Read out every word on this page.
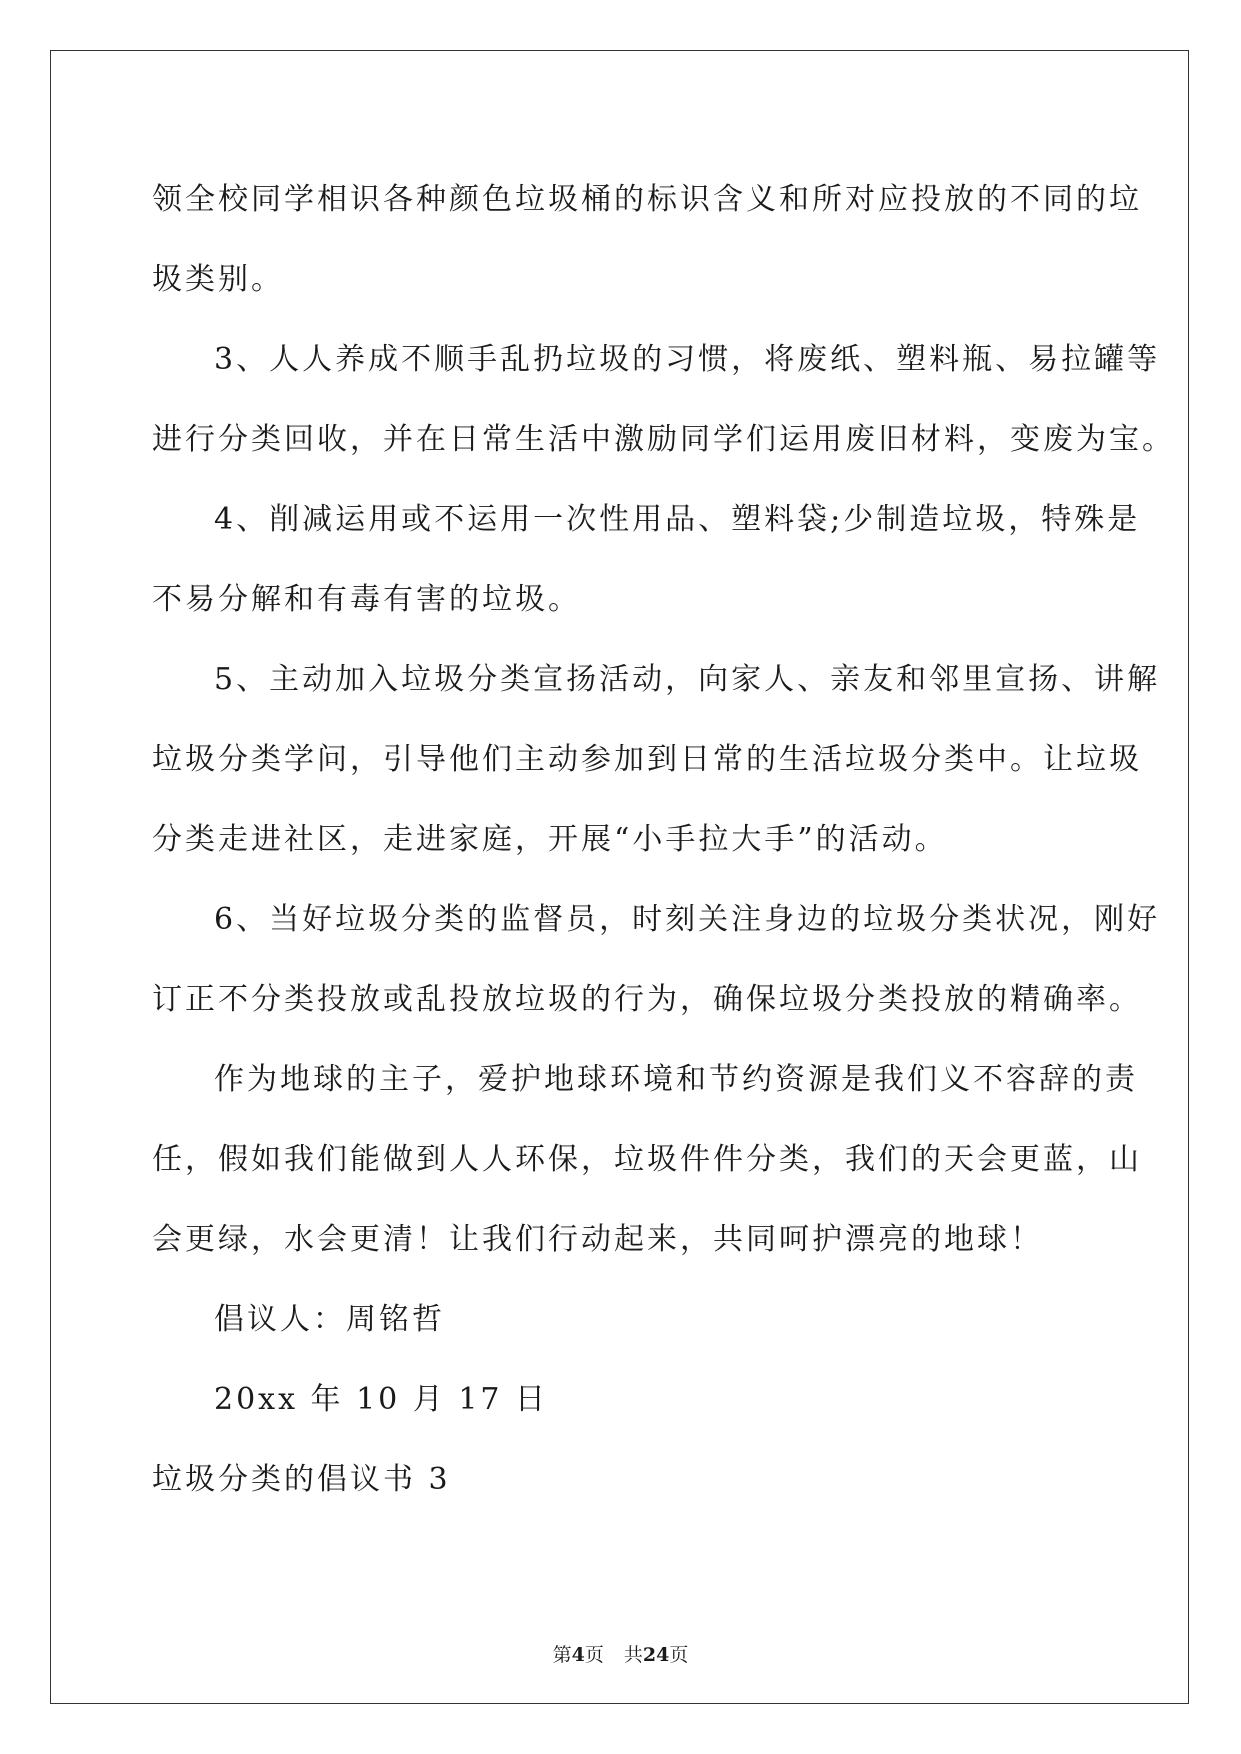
领全校同学相识各种颜色垃圾桶的标识含义和所对应投放的不同的垃

圾类别。

3、人人养成不顺手乱扔垃圾的习惯，将废纸、塑料瓶、易拉罐等

进行分类回收，并在日常生活中激励同学们运用废旧材料，变废为宝。

4、削减运用或不运用一次性用品、塑料袋;少制造垃圾，特殊是

不易分解和有毒有害的垃圾。

5、主动加入垃圾分类宣扬活动，向家人、亲友和邻里宣扬、讲解

垃圾分类学问，引导他们主动参加到日常的生活垃圾分类中。让垃圾

分类走进社区，走进家庭，开展“小手拉大手”的活动。

6、当好垃圾分类的监督员，时刻关注身边的垃圾分类状况，刚好

订正不分类投放或乱投放垃圾的行为，确保垃圾分类投放的精确率。

作为地球的主子，爱护地球环境和节约资源是我们义不容辞的责

任，假如我们能做到人人环保，垃圾件件分类，我们的天会更蓝，山

会更绿，水会更清！让我们行动起来，共同呵护漂亮的地球！

倡议人：周铭哲

20xx 年 10 月 17 日

垃圾分类的倡议书 3

第4页 共24页
